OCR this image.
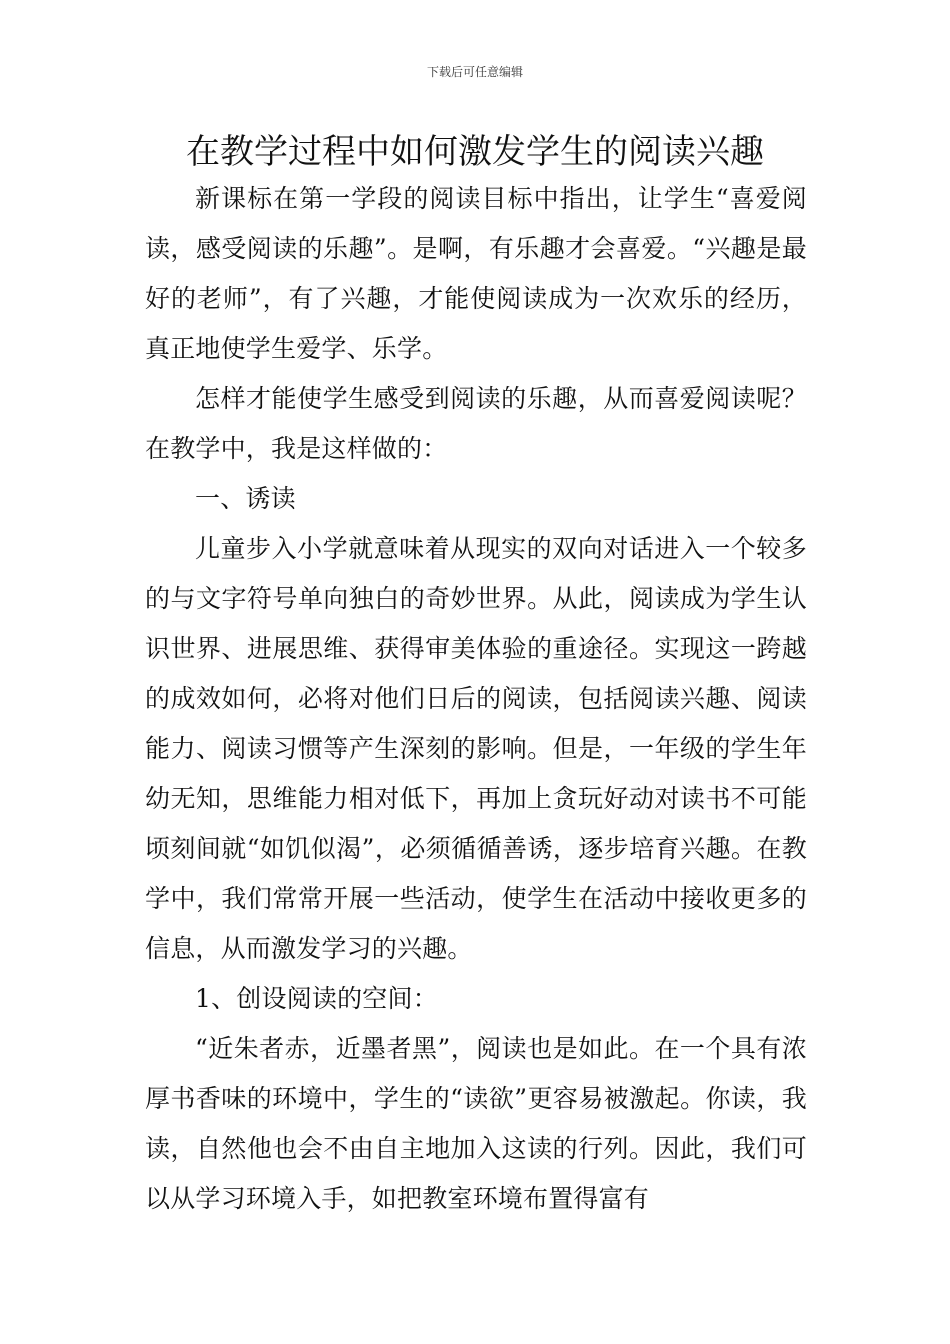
下载后可任意编辑
在教学过程中如何激发学生的阅读兴趣

新课标在第一学段的阅读目标中指出，让学生“喜爱阅读，感受阅读的乐趣”。是啊，有乐趣才会喜爱。“兴趣是最好的老师”，有了兴趣，才能使阅读成为一次欢乐的经历，真正地使学生爱学、乐学。

怎样才能使学生感受到阅读的乐趣，从而喜爱阅读呢？在教学中，我是这样做的：

一、诱读

儿童步入小学就意味着从现实的双向对话进入一个较多的与文字符号单向独白的奇妙世界。从此，阅读成为学生认识世界、进展思维、获得审美体验的重途径。实现这一跨越的成效如何，必将对他们日后的阅读，包括阅读兴趣、阅读能力、阅读习惯等产生深刻的影响。但是，一年级的学生年幼无知，思维能力相对低下，再加上贪玩好动对读书不可能顷刻间就“如饥似渴”，必须循循善诱，逐步培育兴趣。在教学中，我们常常开展一些活动，使学生在活动中接收更多的信息，从而激发学习的兴趣。

1、创设阅读的空间：

“近朱者赤，近墨者黑”，阅读也是如此。在一个具有浓厚书香味的环境中，学生的“读欲”更容易被激起。你读，我读，自然他也会不由自主地加入这读的行列。因此，我们可以从学习环境入手，如把教室环境布置得富有
